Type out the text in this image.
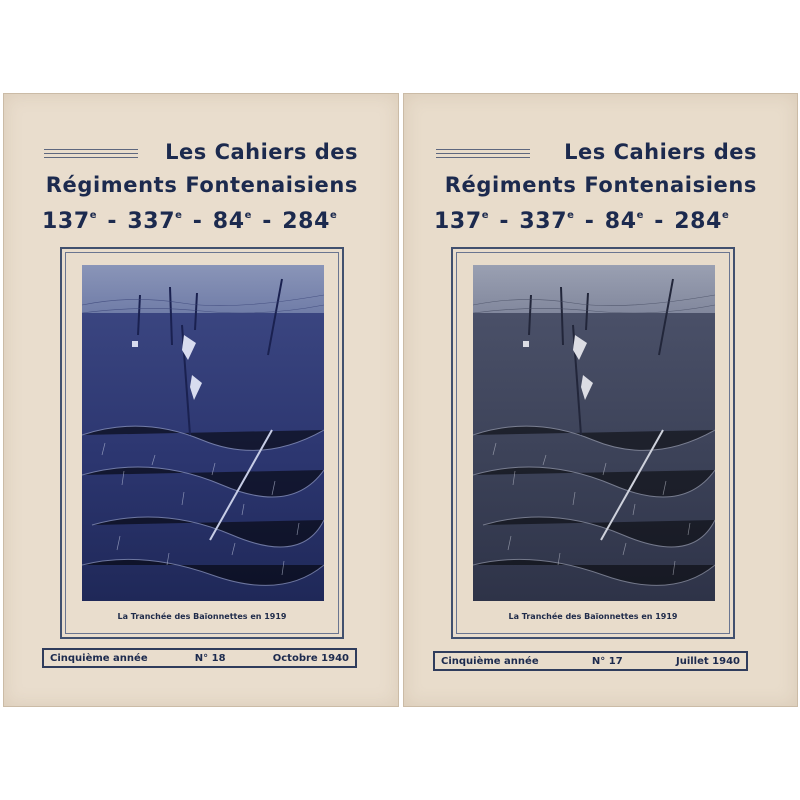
Les Cahiers des
Régiments Fontenaisiens
137e - 337e - 84e - 284e
La Tranchée des Baïonnettes en 1919
Cinquième année	N° 18	Octobre 1940
Les Cahiers des
Régiments Fontenaisiens
137e - 337e - 84e - 284e
La Tranchée des Baïonnettes en 1919
Cinquième année	N° 17	Juillet 1940
